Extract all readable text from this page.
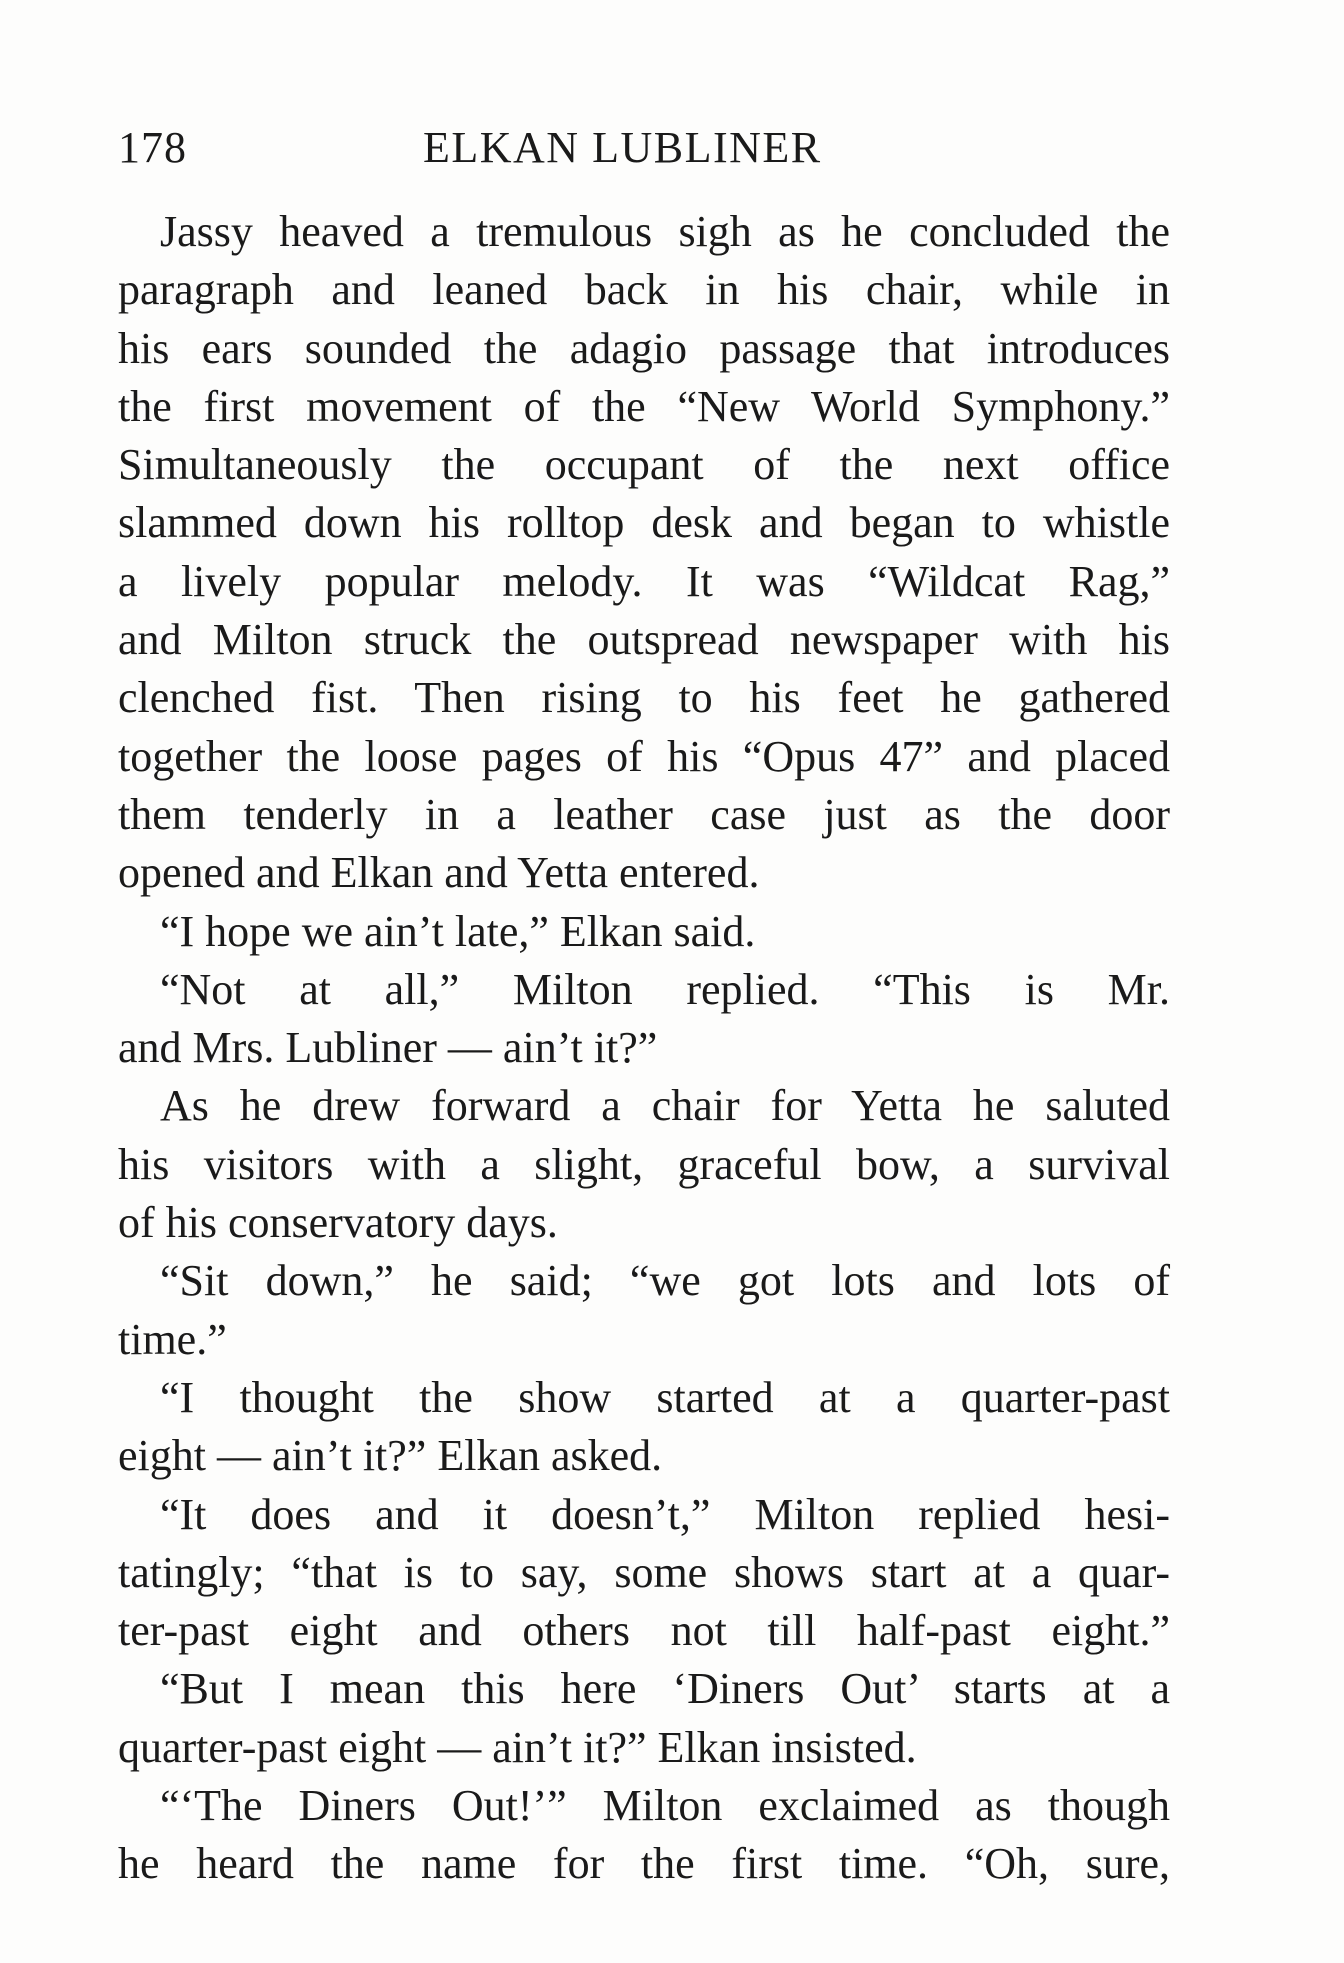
178	ELKAN LUBLINER
Jassy heaved a tremulous sigh as he concluded the
paragraph and leaned back in his chair, while in
his ears sounded the adagio passage that introduces
the first movement of the “New World Symphony.”
Simultaneously the occupant of the next office
slammed down his rolltop desk and began to whistle
a lively popular melody. It was “Wildcat Rag,”
and Milton struck the outspread newspaper with his
clenched fist. Then rising to his feet he gathered
together the loose pages of his “Opus 47” and placed
them tenderly in a leather case just as the door
opened and Elkan and Yetta entered.
“I hope we ain’t late,” Elkan said.
“Not at all,” Milton replied. “This is Mr.
and Mrs. Lubliner — ain’t it?”
As he drew forward a chair for Yetta he saluted
his visitors with a slight, graceful bow, a survival
of his conservatory days.
“Sit down,” he said; “we got lots and lots of
time.”
“I thought the show started at a quarter-past
eight — ain’t it?” Elkan asked.
“It does and it doesn’t,” Milton replied hesi-
tatingly; “that is to say, some shows start at a quar-
ter-past eight and others not till half-past eight.”
“But I mean this here ‘Diners Out’ starts at a
quarter-past eight — ain’t it?” Elkan insisted.
“‘The Diners Out!’” Milton exclaimed as though
he heard the name for the first time. “Oh, sure,
